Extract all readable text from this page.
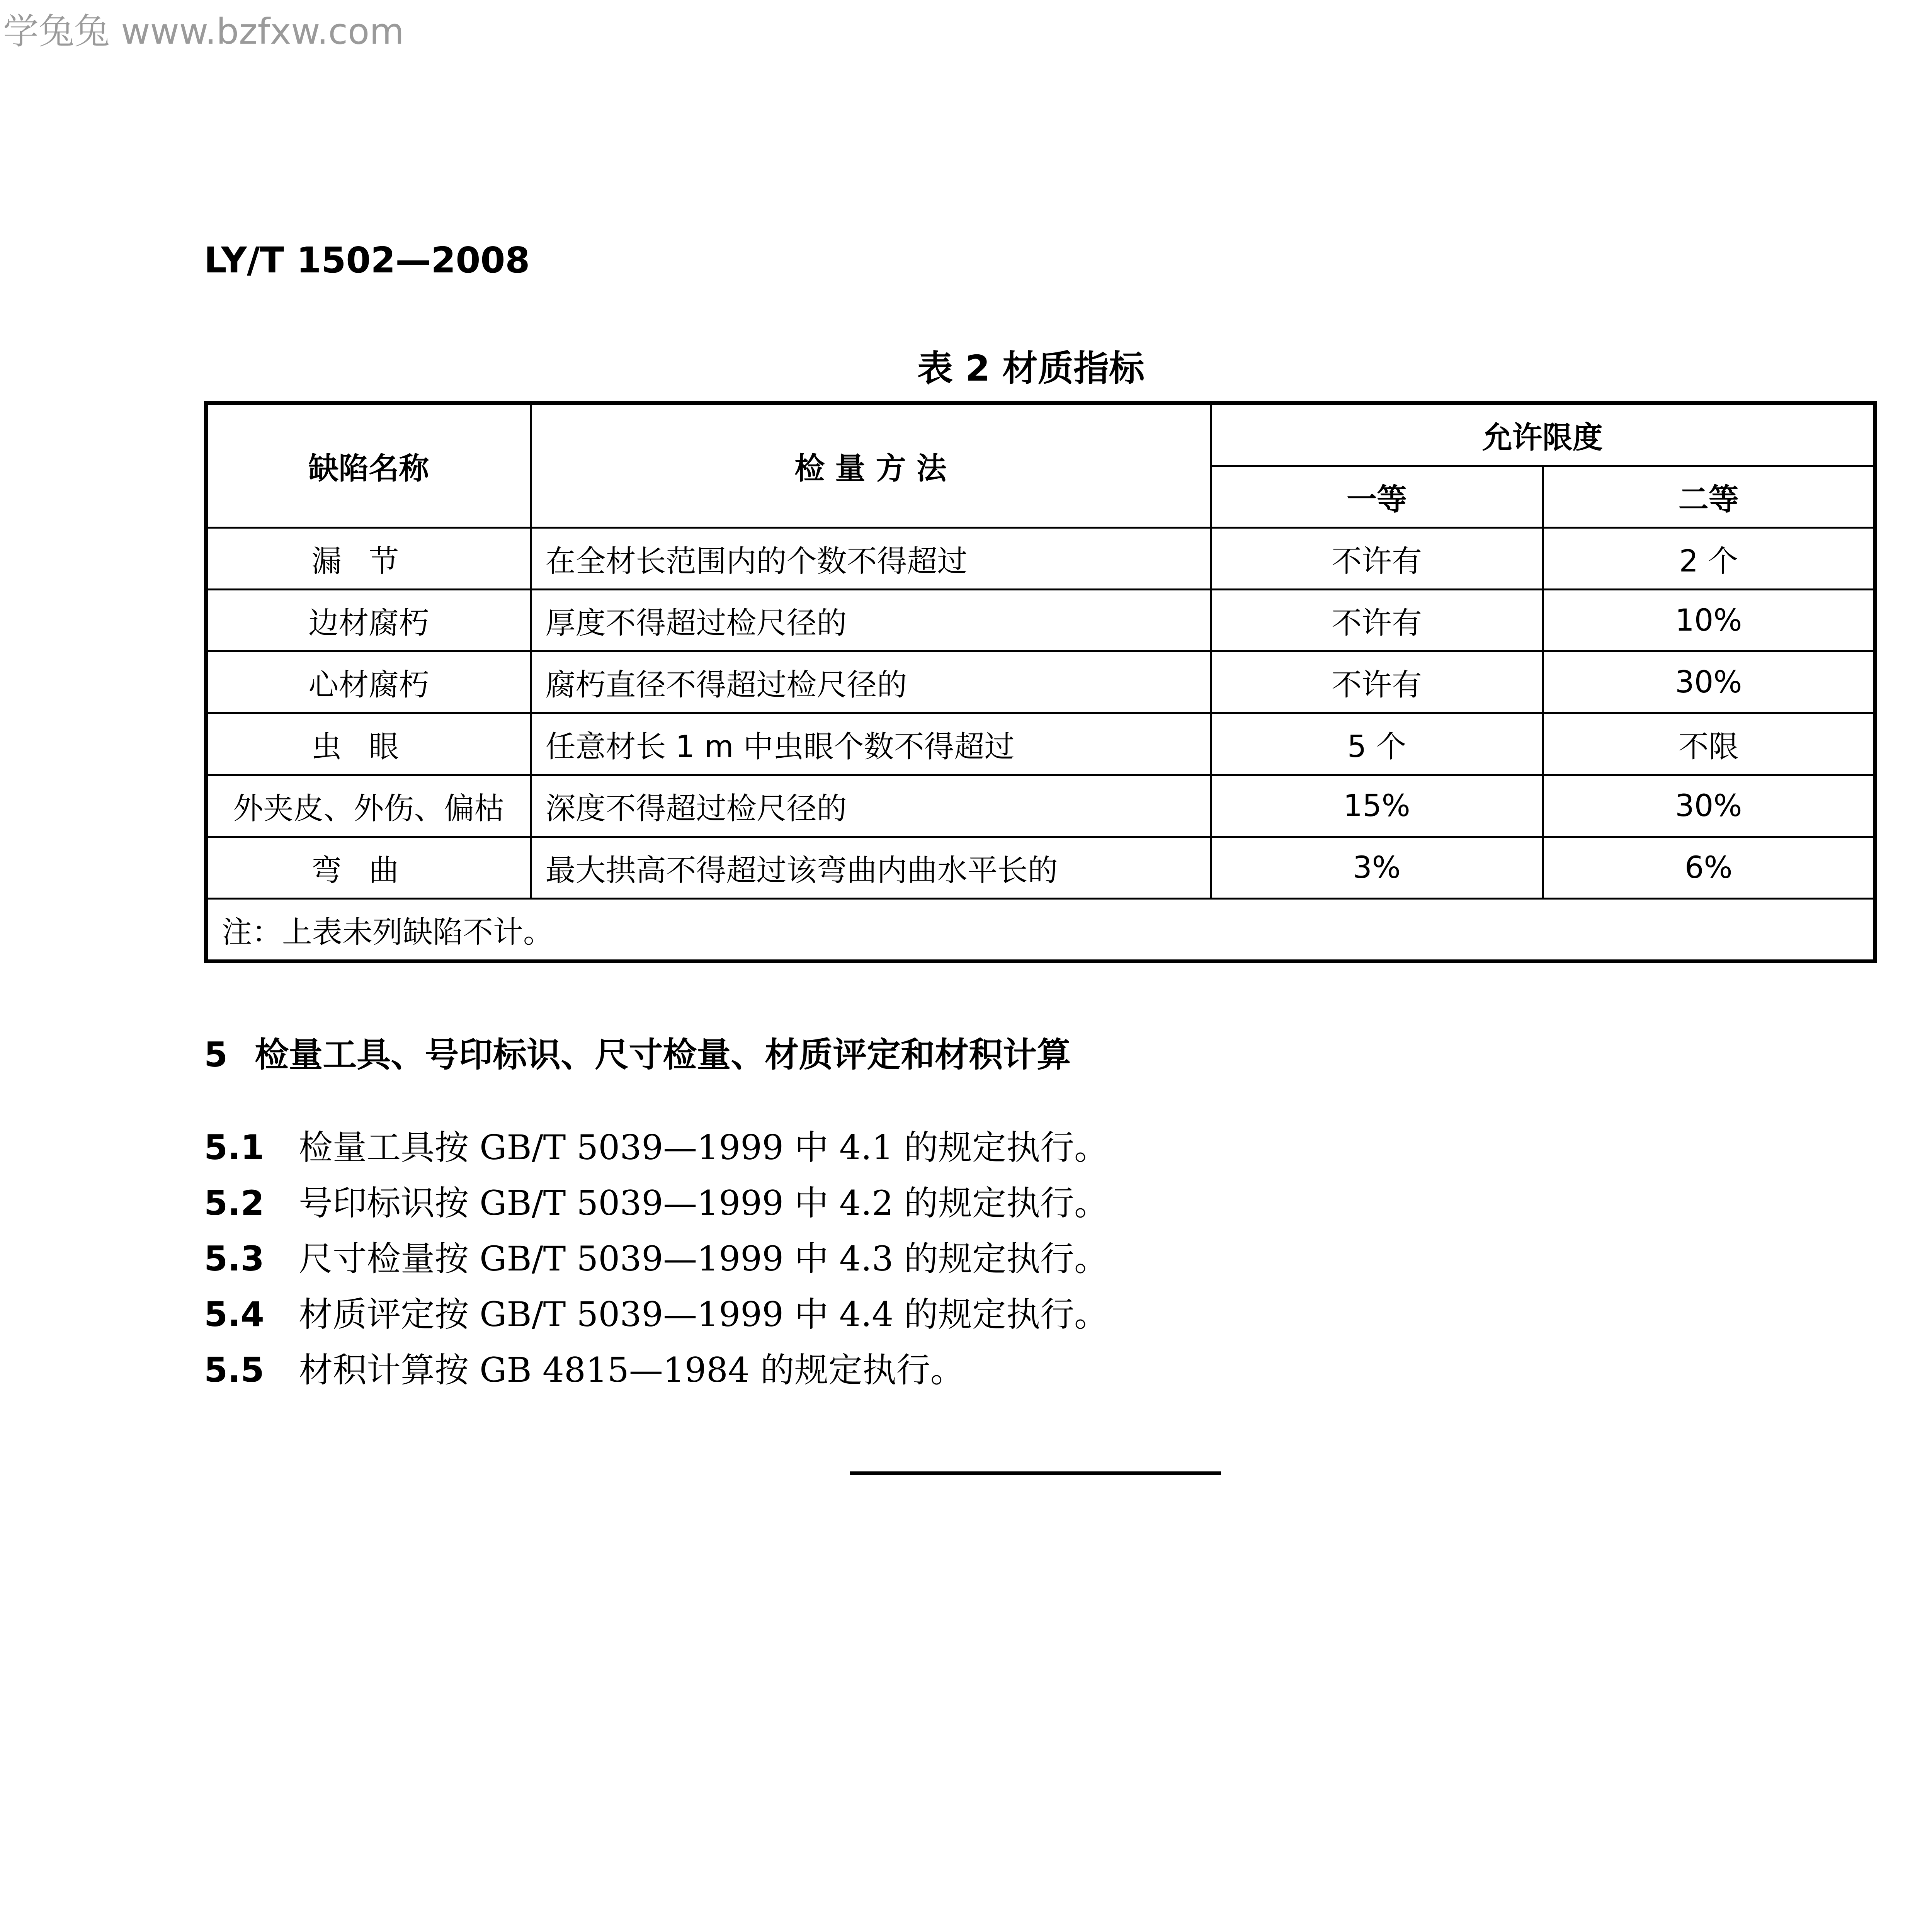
学兔兔 www.bzfxw.com
LY/T 1502—2008
表 2 材质指标
缺陷名称	检 量 方 法	允许限度	
		一等	二等
漏节	在全材长范围内的个数不得超过	不许有	2 个
边材腐朽	厚度不得超过检尺径的	不许有	10%
心材腐朽	腐朽直径不得超过检尺径的	不许有	30%
虫眼	任意材长 1 m 中虫眼个数不得超过	5 个	不限
外夹皮、外伤、偏枯	深度不得超过检尺径的	15%	30%
弯曲	最大拱高不得超过该弯曲内曲水平长的	3%	6%
注：上表未列缺陷不计。			
5 检量工具、号印标识、尺寸检量、材质评定和材积计算
5.1 检量工具按 GB/T 5039—1999 中 4.1 的规定执行。
5.2 号印标识按 GB/T 5039—1999 中 4.2 的规定执行。
5.3 尺寸检量按 GB/T 5039—1999 中 4.3 的规定执行。
5.4 材质评定按 GB/T 5039—1999 中 4.4 的规定执行。
5.5 材积计算按 GB 4815—1984 的规定执行。
